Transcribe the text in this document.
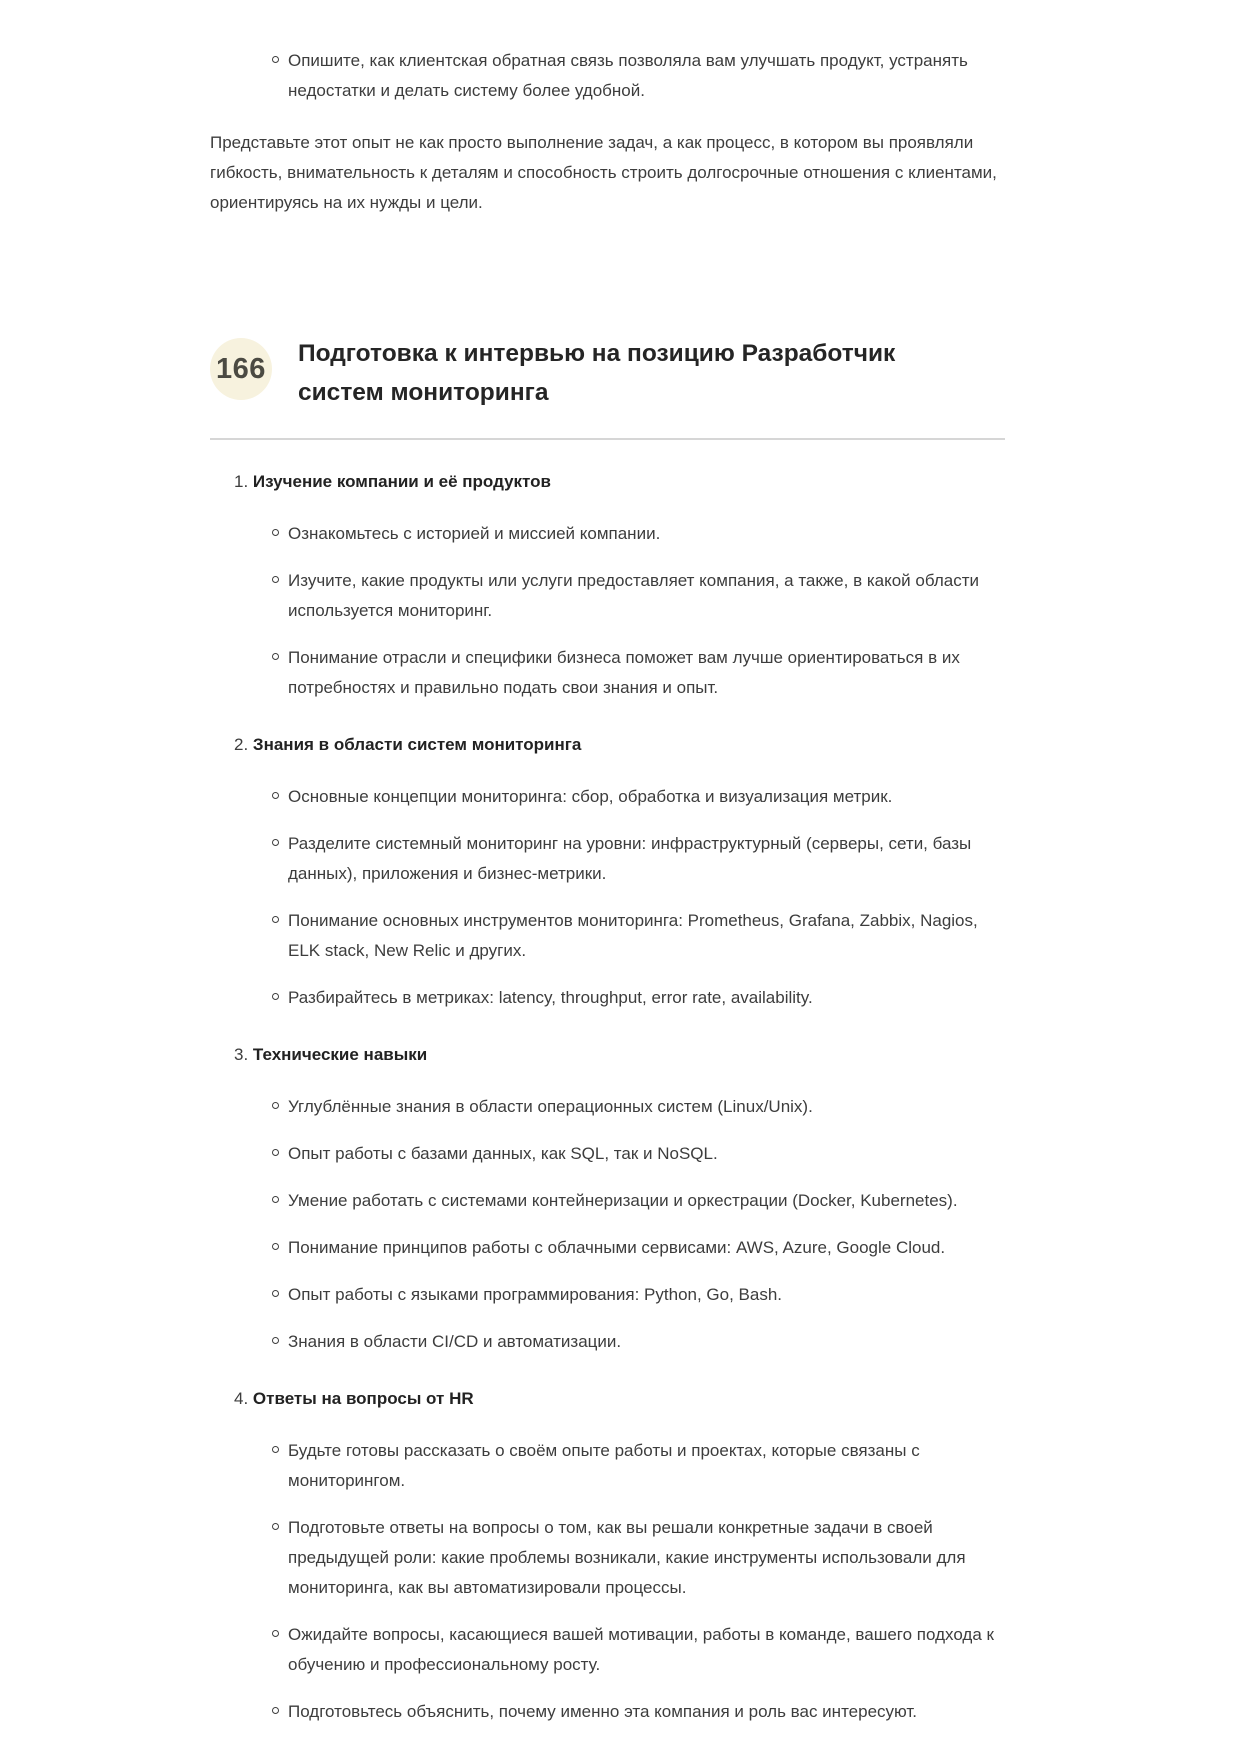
Опишите, как клиентская обратная связь позволяла вам улучшать продукт, устранять недостатки и делать систему более удобной.

Представьте этот опыт не как просто выполнение задач, а как процесс, в котором вы проявляли гибкость, внимательность к деталям и способность строить долгосрочные отношения с клиентами, ориентируясь на их нужды и цели.

166 Подготовка к интервью на позицию Разработчик систем мониторинга
1. Изучение компании и её продуктов
Ознакомьтесь с историей и миссией компании.
Изучите, какие продукты или услуги предоставляет компания, а также, в какой области используется мониторинг.
Понимание отрасли и специфики бизнеса поможет вам лучше ориентироваться в их потребностях и правильно подать свои знания и опыт.
2. Знания в области систем мониторинга
Основные концепции мониторинга: сбор, обработка и визуализация метрик.
Разделите системный мониторинг на уровни: инфраструктурный (серверы, сети, базы данных), приложения и бизнес-метрики.
Понимание основных инструментов мониторинга: Prometheus, Grafana, Zabbix, Nagios, ELK stack, New Relic и других.
Разбирайтесь в метриках: latency, throughput, error rate, availability.
3. Технические навыки
Углублённые знания в области операционных систем (Linux/Unix).
Опыт работы с базами данных, как SQL, так и NoSQL.
Умение работать с системами контейнеризации и оркестрации (Docker, Kubernetes).
Понимание принципов работы с облачными сервисами: AWS, Azure, Google Cloud.
Опыт работы с языками программирования: Python, Go, Bash.
Знания в области CI/CD и автоматизации.
4. Ответы на вопросы от HR
Будьте готовы рассказать о своём опыте работы и проектах, которые связаны с мониторингом.
Подготовьте ответы на вопросы о том, как вы решали конкретные задачи в своей предыдущей роли: какие проблемы возникали, какие инструменты использовали для мониторинга, как вы автоматизировали процессы.
Ожидайте вопросы, касающиеся вашей мотивации, работы в команде, вашего подхода к обучению и профессиональному росту.
Подготовьтесь объяснить, почему именно эта компания и роль вас интересуют.
